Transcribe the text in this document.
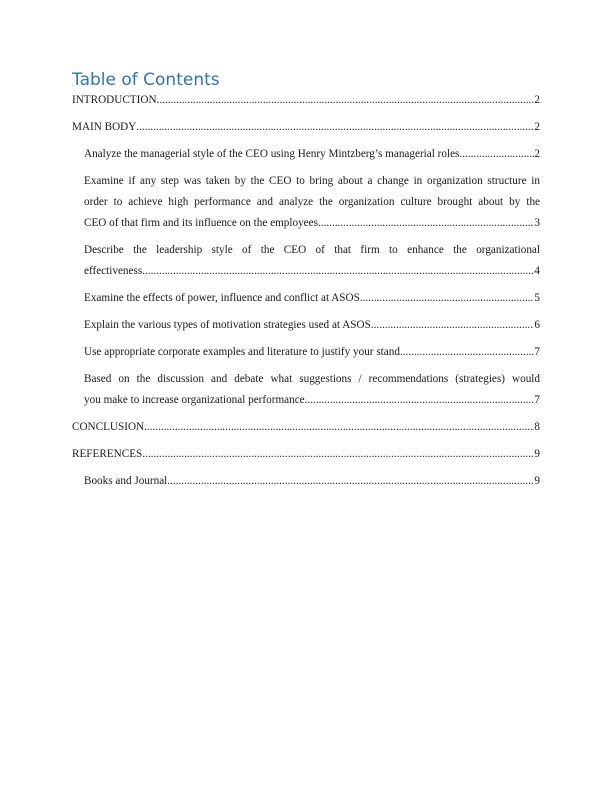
Table of Contents
INTRODUCTION .....	2
MAIN BODY .....	2
Analyze the managerial style of the CEO using Henry Mintzberg’s managerial roles .....	2
Examine if any step was taken by the CEO to bring about a change in organization structure in
order to achieve high performance and analyze the organization culture brought about by the
CEO of that firm and its influence on the employees .....	3
Describe the leadership style of the CEO of that firm to enhance the organizational
effectiveness .....	4
Examine the effects of power, influence and conflict at ASOS .....	5
Explain the various types of motivation strategies used at ASOS .....	6
Use appropriate corporate examples and literature to justify your stand .....	7
Based on the discussion and debate what suggestions / recommendations (strategies) would
you make to increase organizational performance .....	7
CONCLUSION .....	8
REFERENCES .....	9
Books and Journal .....	9
